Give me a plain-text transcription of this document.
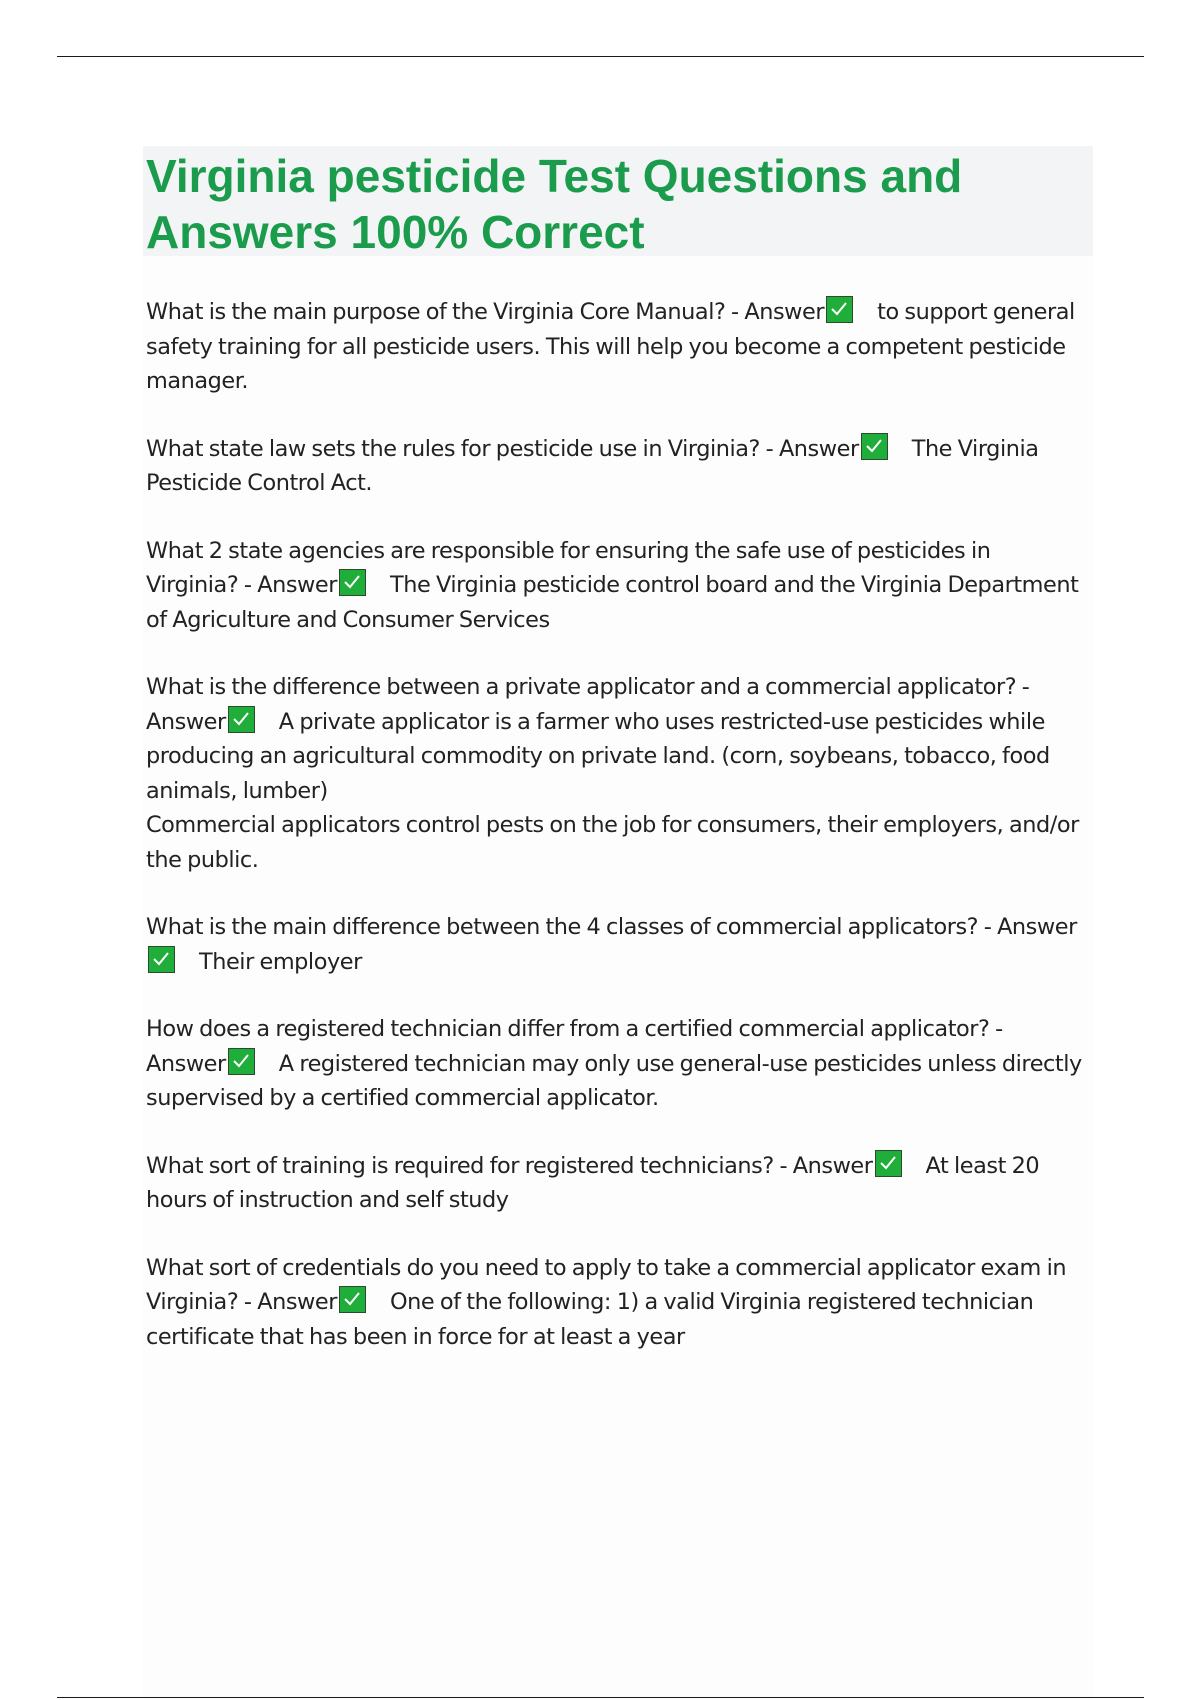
Virginia pesticide Test Questions and Answers 100% Correct

What is the main purpose of the Virginia Core Manual? - Answer to support general safety training for all pesticide users. This will help you become a competent pesticide manager.

What state law sets the rules for pesticide use in Virginia? - Answer The Virginia Pesticide Control Act.

What 2 state agencies are responsible for ensuring the safe use of pesticides in Virginia? - Answer The Virginia pesticide control board and the Virginia Department of Agriculture and Consumer Services

What is the difference between a private applicator and a commercial applicator? - Answer A private applicator is a farmer who uses restricted-use pesticides while producing an agricultural commodity on private land. (corn, soybeans, tobacco, food animals, lumber)

Commercial applicators control pests on the job for consumers, their employers, and/or the public.

What is the main difference between the 4 classes of commercial applicators? - Answer
Their employer

How does a registered technician differ from a certified commercial applicator? - Answer A registered technician may only use general-use pesticides unless directly supervised by a certified commercial applicator.

What sort of training is required for registered technicians? - Answer At least 20 hours of instruction and self study

What sort of credentials do you need to apply to take a commercial applicator exam in Virginia? - Answer One of the following: 1) a valid Virginia registered technician certificate that has been in force for at least a year
